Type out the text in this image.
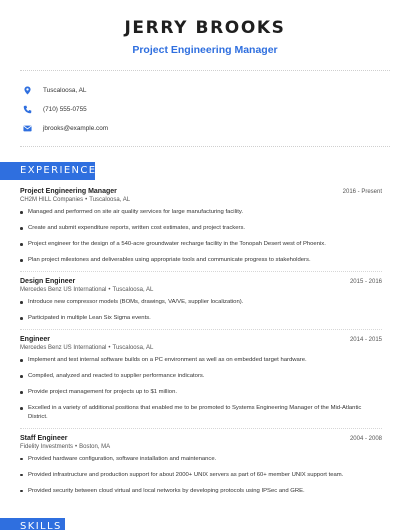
JERRY BROOKS
Project Engineering Manager
Tuscaloosa, AL
(710) 555-0755
jbrooks@example.com
EXPERIENCE
Project Engineering Manager	2016 - Present
CH2M HILL Companies • Tuscaloosa, AL
Managed and performed on site air quality services for large manufacturing facility.
Create and submit expenditure reports, written cost estimates, and project trackers.
Project engineer for the design of a 540-acre groundwater recharge facility in the Tonopah Desert west of Phoenix.
Plan project milestones and deliverables using appropriate tools and communicate progress to stakeholders.
Design Engineer	2015 - 2016
Mercedes Benz US International • Tuscaloosa, AL
Introduce new compressor models (BOMs, drawings, VA/VE, supplier localization).
Participated in multiple Lean Six Sigma events.
Engineer	2014 - 2015
Mercedes Benz US International • Tuscaloosa, AL
Implement and test internal software builds on a PC environment as well as on embedded target hardware.
Compiled, analyzed and reacted to supplier performance indicators.
Provide project management for projects up to $1 million.
Excelled in a variety of additional positions that enabled me to be promoted to Systems Engineering Manager of the Mid-Atlantic District.
Staff Engineer	2004 - 2008
Fidelity Investments • Boston, MA
Provided hardware configuration, software installation and maintenance.
Provided infrastructure and production support for about 2000+ UNIX servers as part of 60+ member UNIX support team.
Provided security between cloud virtual and local networks by developing protocols using IPSec and GRE.
SKILLS
